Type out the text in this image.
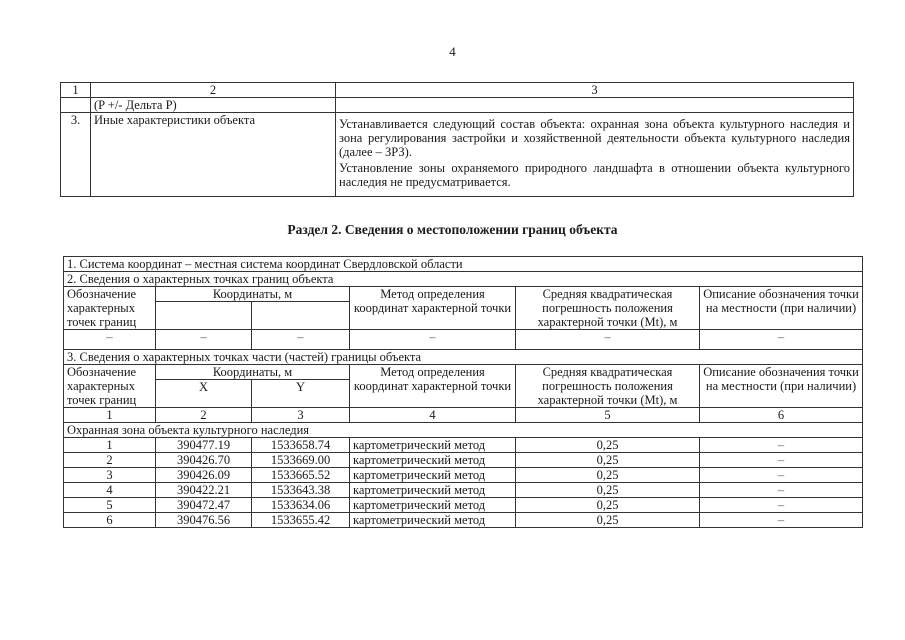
4
1	2	3
	(P +/- Дельта P)	
3.	Иные характеристики объекта	Устанавливается следующий состав объекта: охранная зона объекта культурного наследия и зона регулирования застройки и хозяйственной деятельности объекта культурного наследия (далее – ЗРЗ).
Установление зоны охраняемого природного ландшафта в отношении объекта культурного наследия не предусматривается.
Раздел 2. Сведения о местоположении границ объекта
1. Система координат – местная система координат Свердловской области					
2. Сведения о характерных точках границ объекта					
Обозначение характерных точек границ	Координаты, м		Метод определения координат характерной точки	Средняя квадратическая погрешность положения характерной точки (Mt), м	Описание обозначения точки на местности (при наличии)

–	–	–	–	–	–
3. Сведения о характерных точках части (частей) границы объекта					
Обозначение характерных точек границ	Координаты, м		Метод определения координат характерной точки	Средняя квадратическая погрешность положения характерной точки (Mt), м	Описание обозначения точки на местности (при наличии)
	X	Y			
1	2	3	4	5	6
Охранная зона объекта культурного наследия					
1	390477.19	1533658.74	картометрический метод	0,25	–
2	390426.70	1533669.00	картометрический метод	0,25	–
3	390426.09	1533665.52	картометрический метод	0,25	–
4	390422.21	1533643.38	картометрический метод	0,25	–
5	390472.47	1533634.06	картометрический метод	0,25	–
6	390476.56	1533655.42	картометрический метод	0,25	–
